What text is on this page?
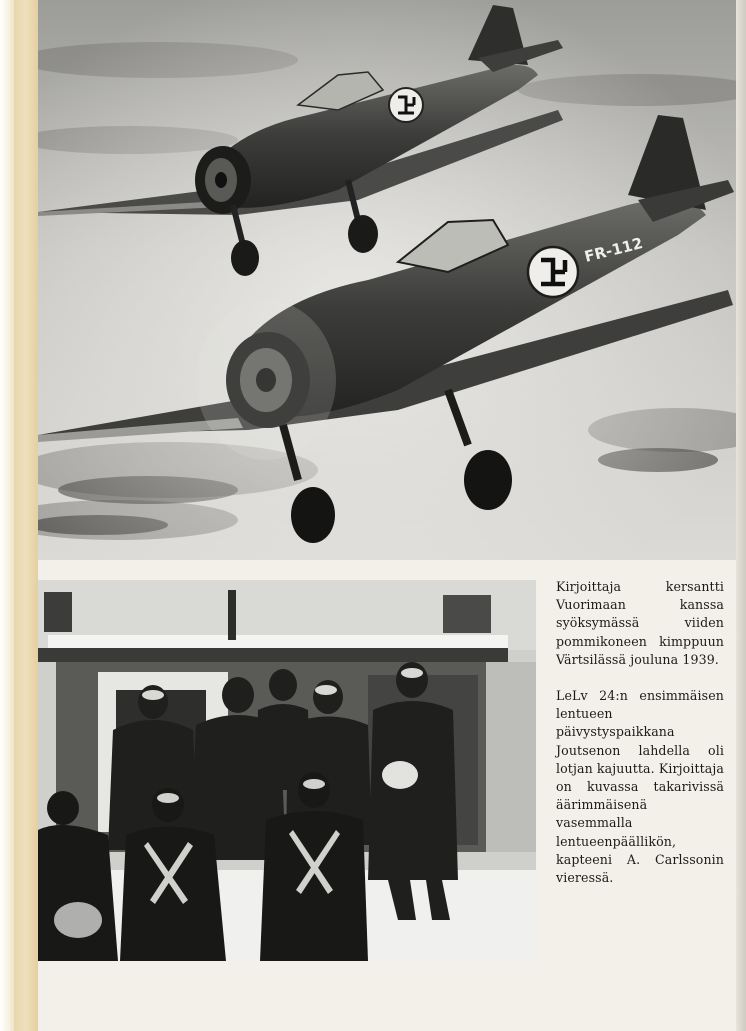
FR-112

Kirjoittaja kersantti Vuorimaan kanssa syöksymässä viiden pommikoneen kimppuun Värtsilässä jouluna 1939.

LeLv 24:n ensimmäisen lentueen päivystyspaikkana Joutsenon lahdella oli lotjan kajuutta. Kirjoittaja on kuvassa takarivissä äärimmäisenä vasemmalla lentueenpäällikön, kapteeni A. Carlssonin vieressä.
